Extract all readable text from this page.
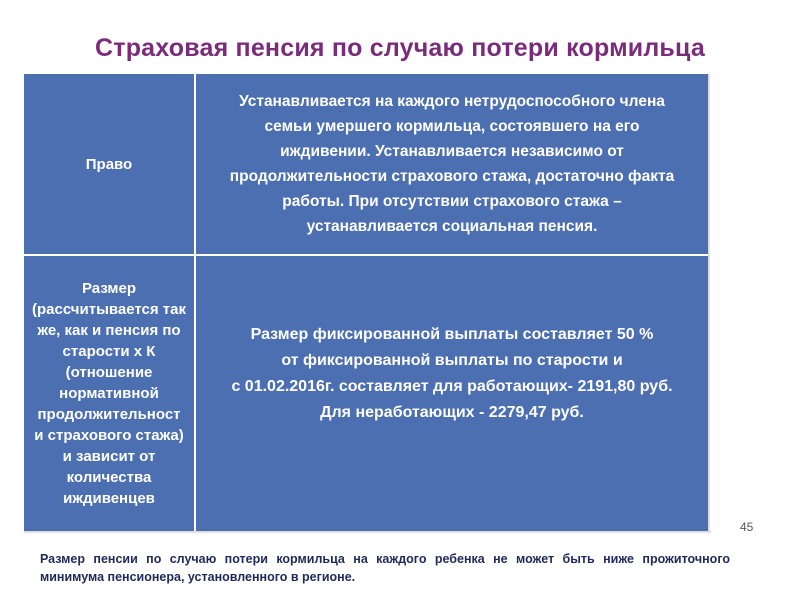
Страховая пенсия по случаю потери кормильца
Право
Устанавливается на каждого нетрудоспособного члена
семьи умершего кормильца, состоявшего на его
иждивении. Устанавливается независимо от
продолжительности страхового стажа, достаточно факта
работы. При отсутствии страхового стажа –
устанавливается социальная пенсия.
Размер
(рассчитывается так
же, как и пенсия по
старости х К
(отношение
нормативной
продолжительност
и страхового стажа)
и зависит от
количества
иждивенцев
Размер фиксированной выплаты составляет 50 %
от фиксированной выплаты по старости и
с 01.02.2016г. составляет для работающих- 2191,80 руб.
Для неработающих - 2279,47 руб.
45
Размер пенсии по случаю потери кормильца на каждого ребенка не может быть ниже прожиточного минимума пенсионера, установленного в регионе.
